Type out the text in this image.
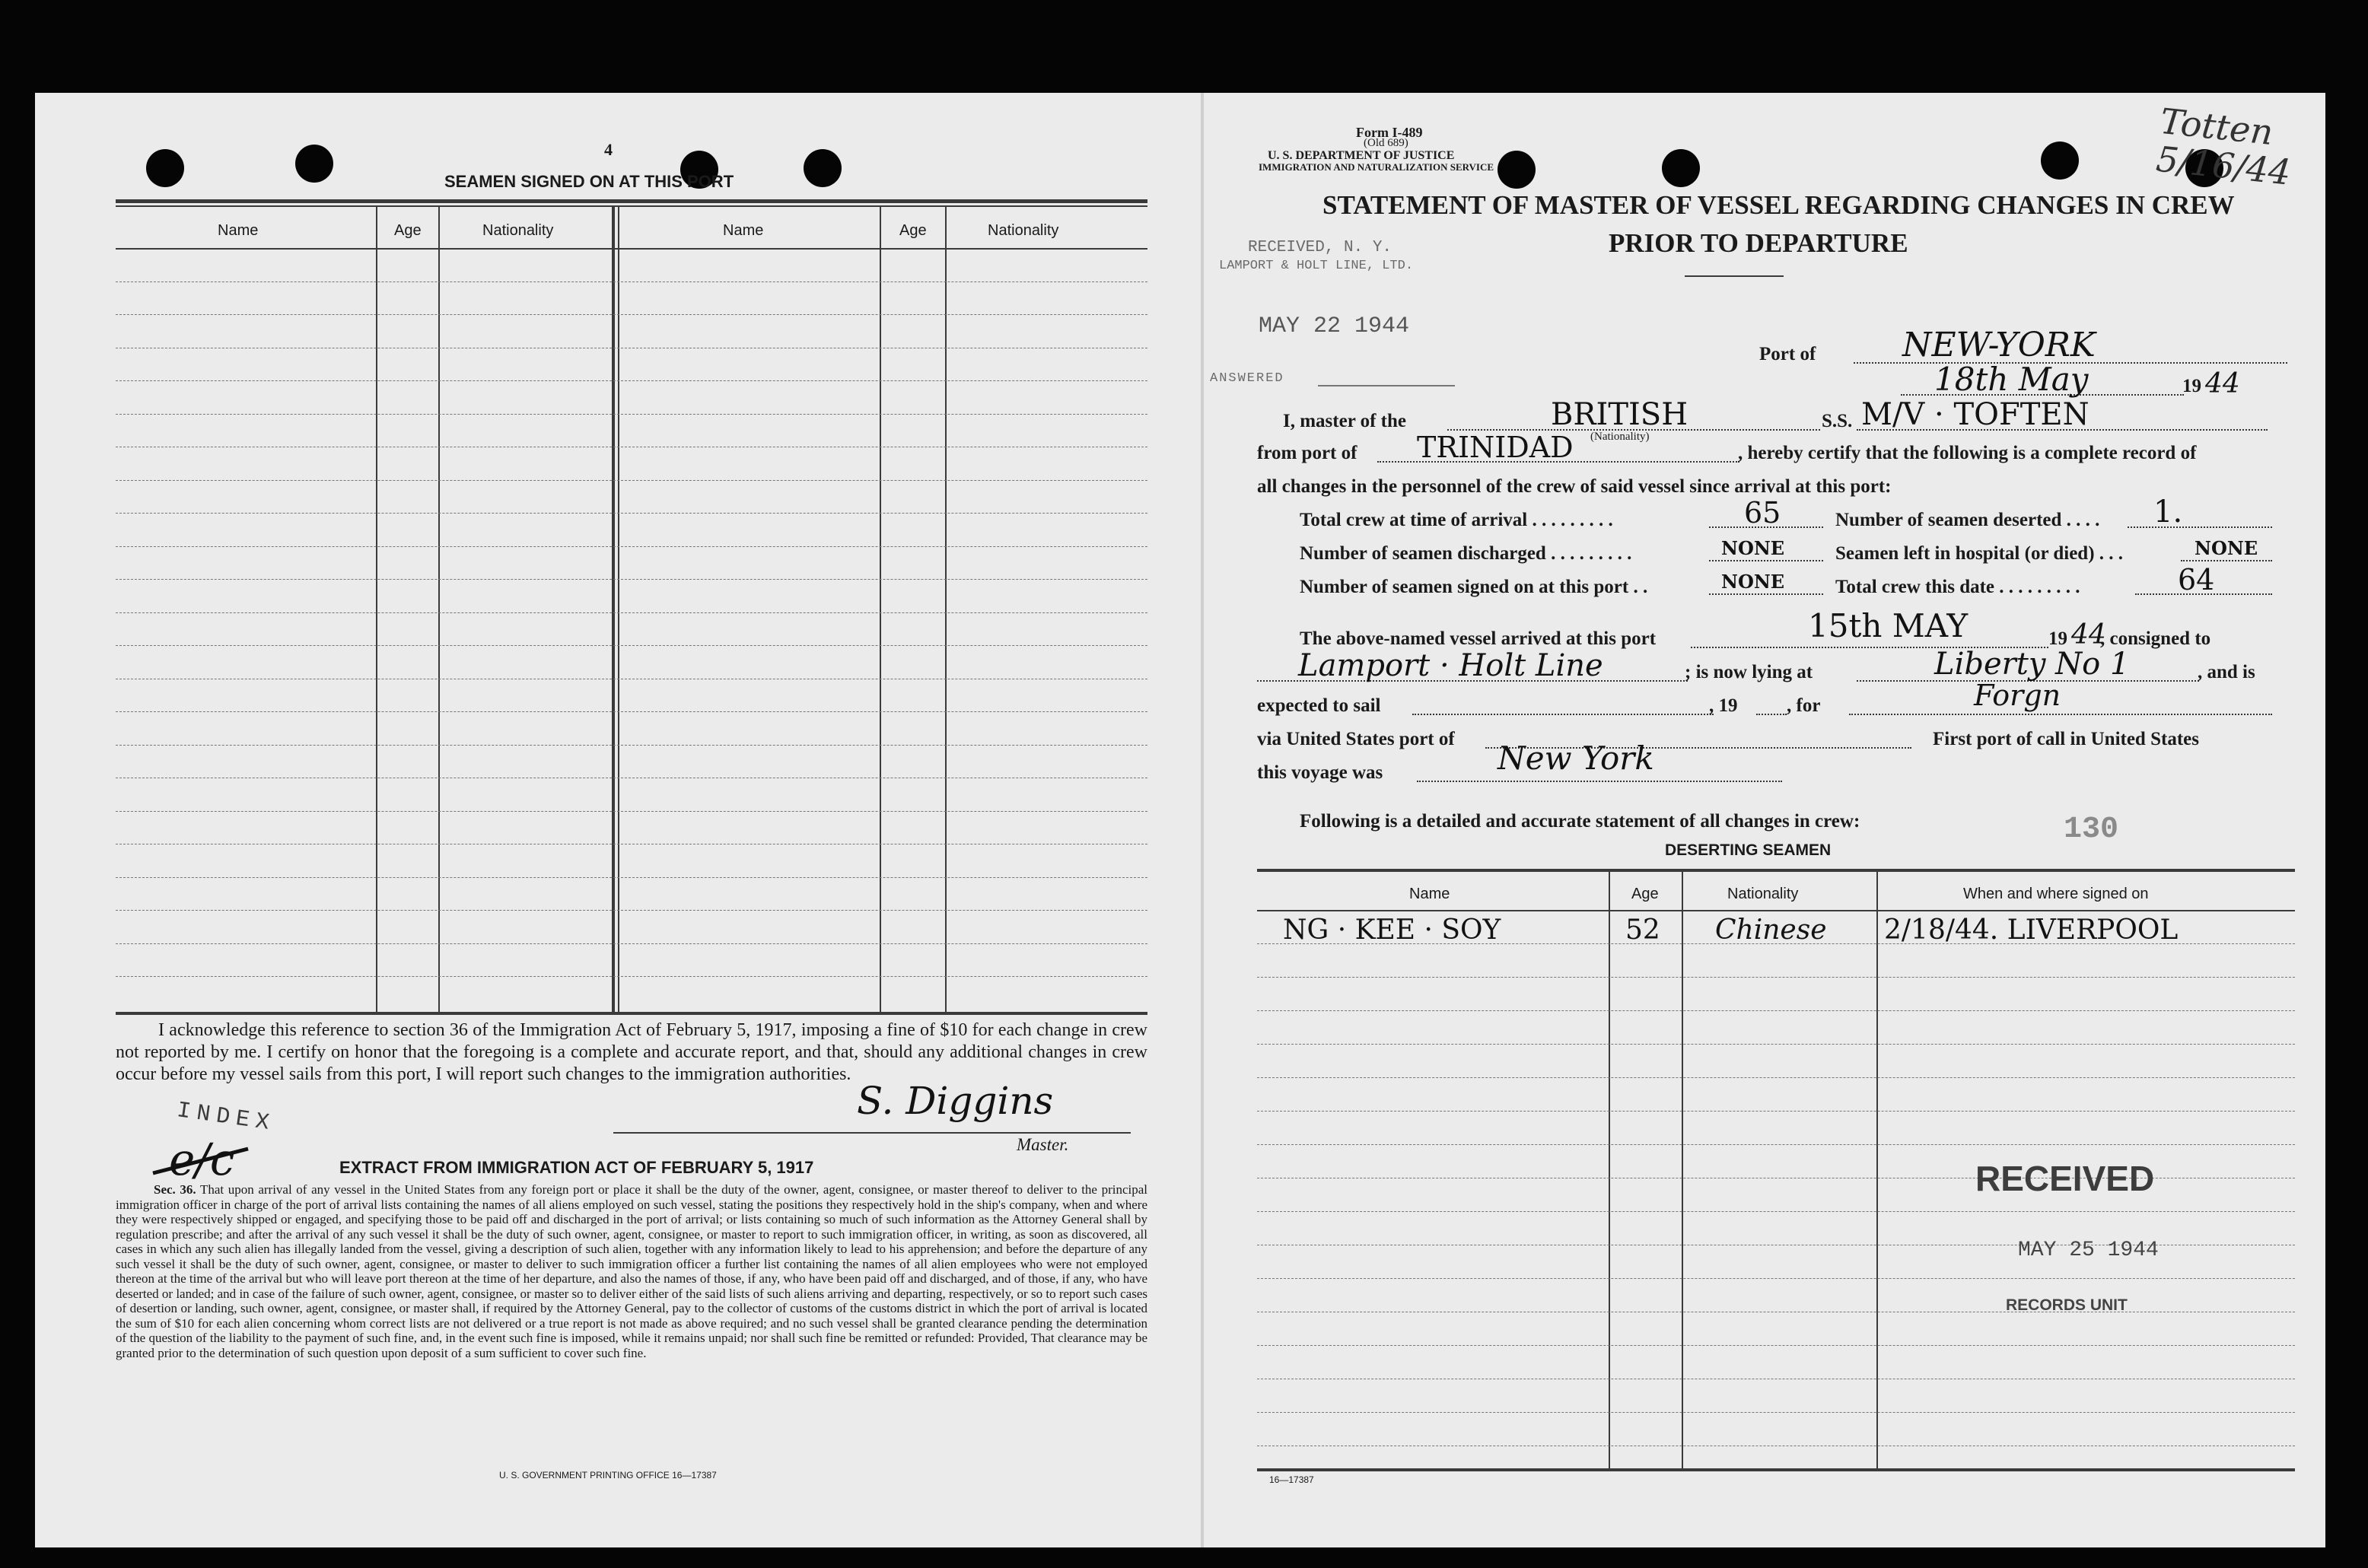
4
SEAMEN SIGNED ON AT THIS PORT
Name	Age	Nationality	Name	Age	Nationality
I acknowledge this reference to section 36 of the Immigration Act of February 5, 1917, imposing a fine of $10 for each change in crew not reported by me. I certify on honor that the foregoing is a complete and accurate report, and that, should any additional changes in crew occur before my vessel sails from this port, I will report such changes to the immigration authorities.
INDEX
e/c
S. Diggins
Master.
EXTRACT FROM IMMIGRATION ACT OF FEBRUARY 5, 1917
Sec. 36. That upon arrival of any vessel in the United States from any foreign port or place it shall be the duty of the owner, agent, consignee, or master thereof to deliver to the principal immigration officer in charge of the port of arrival lists containing the names of all aliens employed on such vessel, stating the positions they respectively hold in the ship's company, when and where they were respectively shipped or engaged, and specifying those to be paid off and discharged in the port of arrival; or lists containing so much of such information as the Attorney General shall by regulation prescribe; and after the arrival of any such vessel it shall be the duty of such owner, agent, consignee, or master to report to such immigration officer, in writing, as soon as discovered, all cases in which any such alien has illegally landed from the vessel, giving a description of such alien, together with any information likely to lead to his apprehension; and before the departure of any such vessel it shall be the duty of such owner, agent, consignee, or master to deliver to such immigration officer a further list containing the names of all alien employees who were not employed thereon at the time of the arrival but who will leave port thereon at the time of her departure, and also the names of those, if any, who have been paid off and discharged, and of those, if any, who have deserted or landed; and in case of the failure of such owner, agent, consignee, or master so to deliver either of the said lists of such aliens arriving and departing, respectively, or so to report such cases of desertion or landing, such owner, agent, consignee, or master shall, if required by the Attorney General, pay to the collector of customs of the customs district in which the port of arrival is located the sum of $10 for each alien concerning whom correct lists are not delivered or a true report is not made as above required; and no such vessel shall be granted clearance pending the determination of the question of the liability to the payment of such fine, and, in the event such fine is imposed, while it remains unpaid; nor shall such fine be remitted or refunded: Provided, That clearance may be granted prior to the determination of such question upon deposit of a sum sufficient to cover such fine.
U. S. GOVERNMENT PRINTING OFFICE 16—17387
Form I-489
(Old 689)
U. S. DEPARTMENT OF JUSTICE
IMMIGRATION AND NATURALIZATION SERVICE
STATEMENT OF MASTER OF VESSEL REGARDING CHANGES IN CREW
PRIOR TO DEPARTURE
RECEIVED, N. Y.
LAMPORT & HOLT LINE, LTD.
MAY 22 1944
ANSWERED
Totten 5/16/44
Port of	NEW-YORK
18th May	19 44
I, master of the	BRITISH
(Nationality)
S.S. M/V · TOFTEN
from port of TRINIDAD	, hereby certify that the following is a complete record of
all changes in the personnel of the crew of said vessel since arrival at this port:
Total crew at time of arrival . . . . . . . . .	65	Number of seamen deserted . . . . 1.
Number of seamen discharged . . . . . . . . .	NONE	Seamen left in hospital (or died) . . .	NONE
Number of seamen signed on at this port . .	NONE	Total crew this date . . . . . . . . .	64
The above-named vessel arrived at this port	15th MAY	19 44
, consigned to
Lamport · Holt Line	; is now lying at	Liberty No 1	, and is
expected to sail	, 19	, for	Forgn
via United States port of	First port of call in United States
this voyage was	New York
Following is a detailed and accurate statement of all changes in crew:	130
DESERTING SEAMEN
Name	Age	Nationality	When and where signed on
NG · KEE · SOY	52 Chinese 2/18/44. LIVERPOOL
RECEIVED
MAY 25 1944
RECORDS UNIT
16—17387
